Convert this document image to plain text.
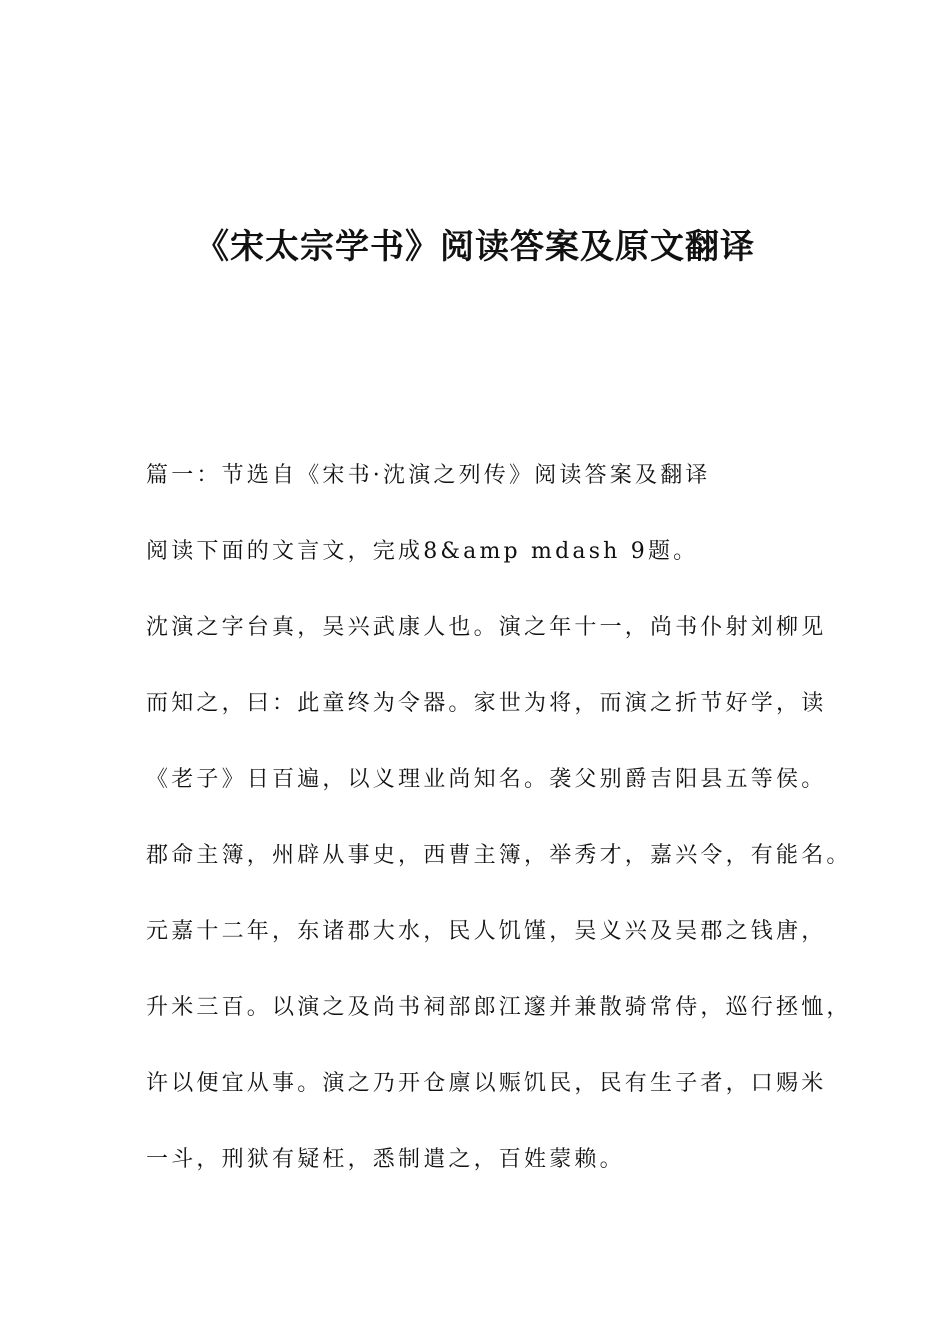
《宋太宗学书》阅读答案及原文翻译
篇一：节选自《宋书·沈演之列传》阅读答案及翻译
阅读下面的文言文，完成8&amp mdash 9题。
沈演之字台真，吴兴武康人也。演之年十一，尚书仆射刘柳见
而知之，曰：此童终为令器。家世为将，而演之折节好学，读
《老子》日百遍，以义理业尚知名。袭父别爵吉阳县五等侯。
郡命主簿，州辟从事史，西曹主簿，举秀才，嘉兴令，有能名。
元嘉十二年，东诸郡大水，民人饥馑，吴义兴及吴郡之钱唐，
升米三百。以演之及尚书祠部郎江邃并兼散骑常侍，巡行拯恤，
许以便宜从事。演之乃开仓廪以赈饥民，民有生子者，口赐米
一斗，刑狱有疑枉，悉制遣之，百姓蒙赖。
